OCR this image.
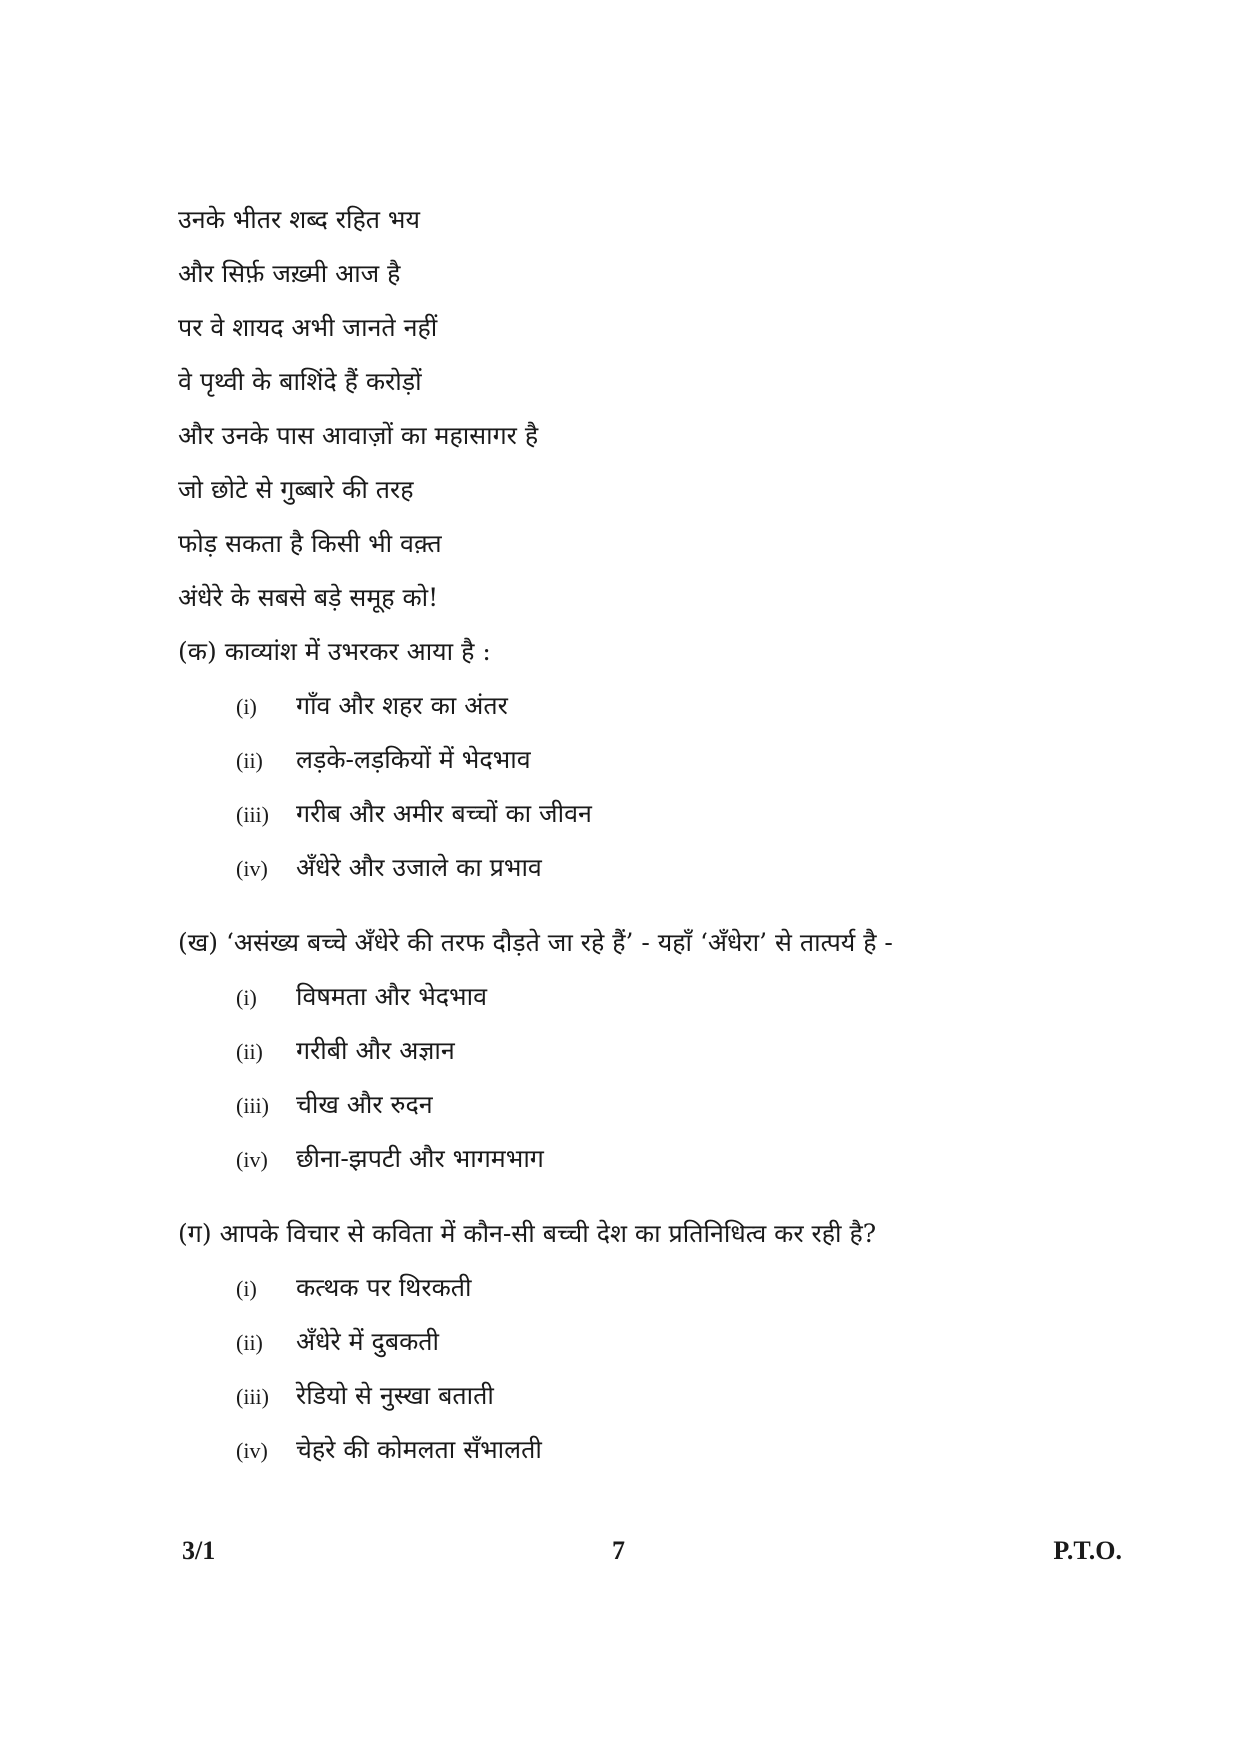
उनके भीतर शब्द रहित भय
और सिर्फ़ जख़्मी आज है
पर वे शायद अभी जानते नहीं
वे पृथ्वी के बाशिंदे हैं करोड़ों
और उनके पास आवाज़ों का महासागर है
जो छोटे से गुब्बारे की तरह
फोड़ सकता है किसी भी वक़्त
अंधेरे के सबसे बड़े समूह को!
(क) काव्यांश में उभरकर आया है :
(i) गाँव और शहर का अंतर
(ii) लड़के-लड़कियों में भेदभाव
(iii) गरीब और अमीर बच्चों का जीवन
(iv) अँधेरे और उजाले का प्रभाव
(ख) ‘असंख्य बच्चे अँधेरे की तरफ दौड़ते जा रहे हैं’ - यहाँ ‘अँधेरा’ से तात्पर्य है -
(i) विषमता और भेदभाव
(ii) गरीबी और अज्ञान
(iii) चीख और रुदन
(iv) छीना-झपटी और भागमभाग
(ग) आपके विचार से कविता में कौन-सी बच्ची देश का प्रतिनिधित्व कर रही है?
(i) कत्थक पर थिरकती
(ii) अँधेरे में दुबकती
(iii) रेडियो से नुस्खा बताती
(iv) चेहरे की कोमलता सँभालती
3/1	7	P.T.O.
